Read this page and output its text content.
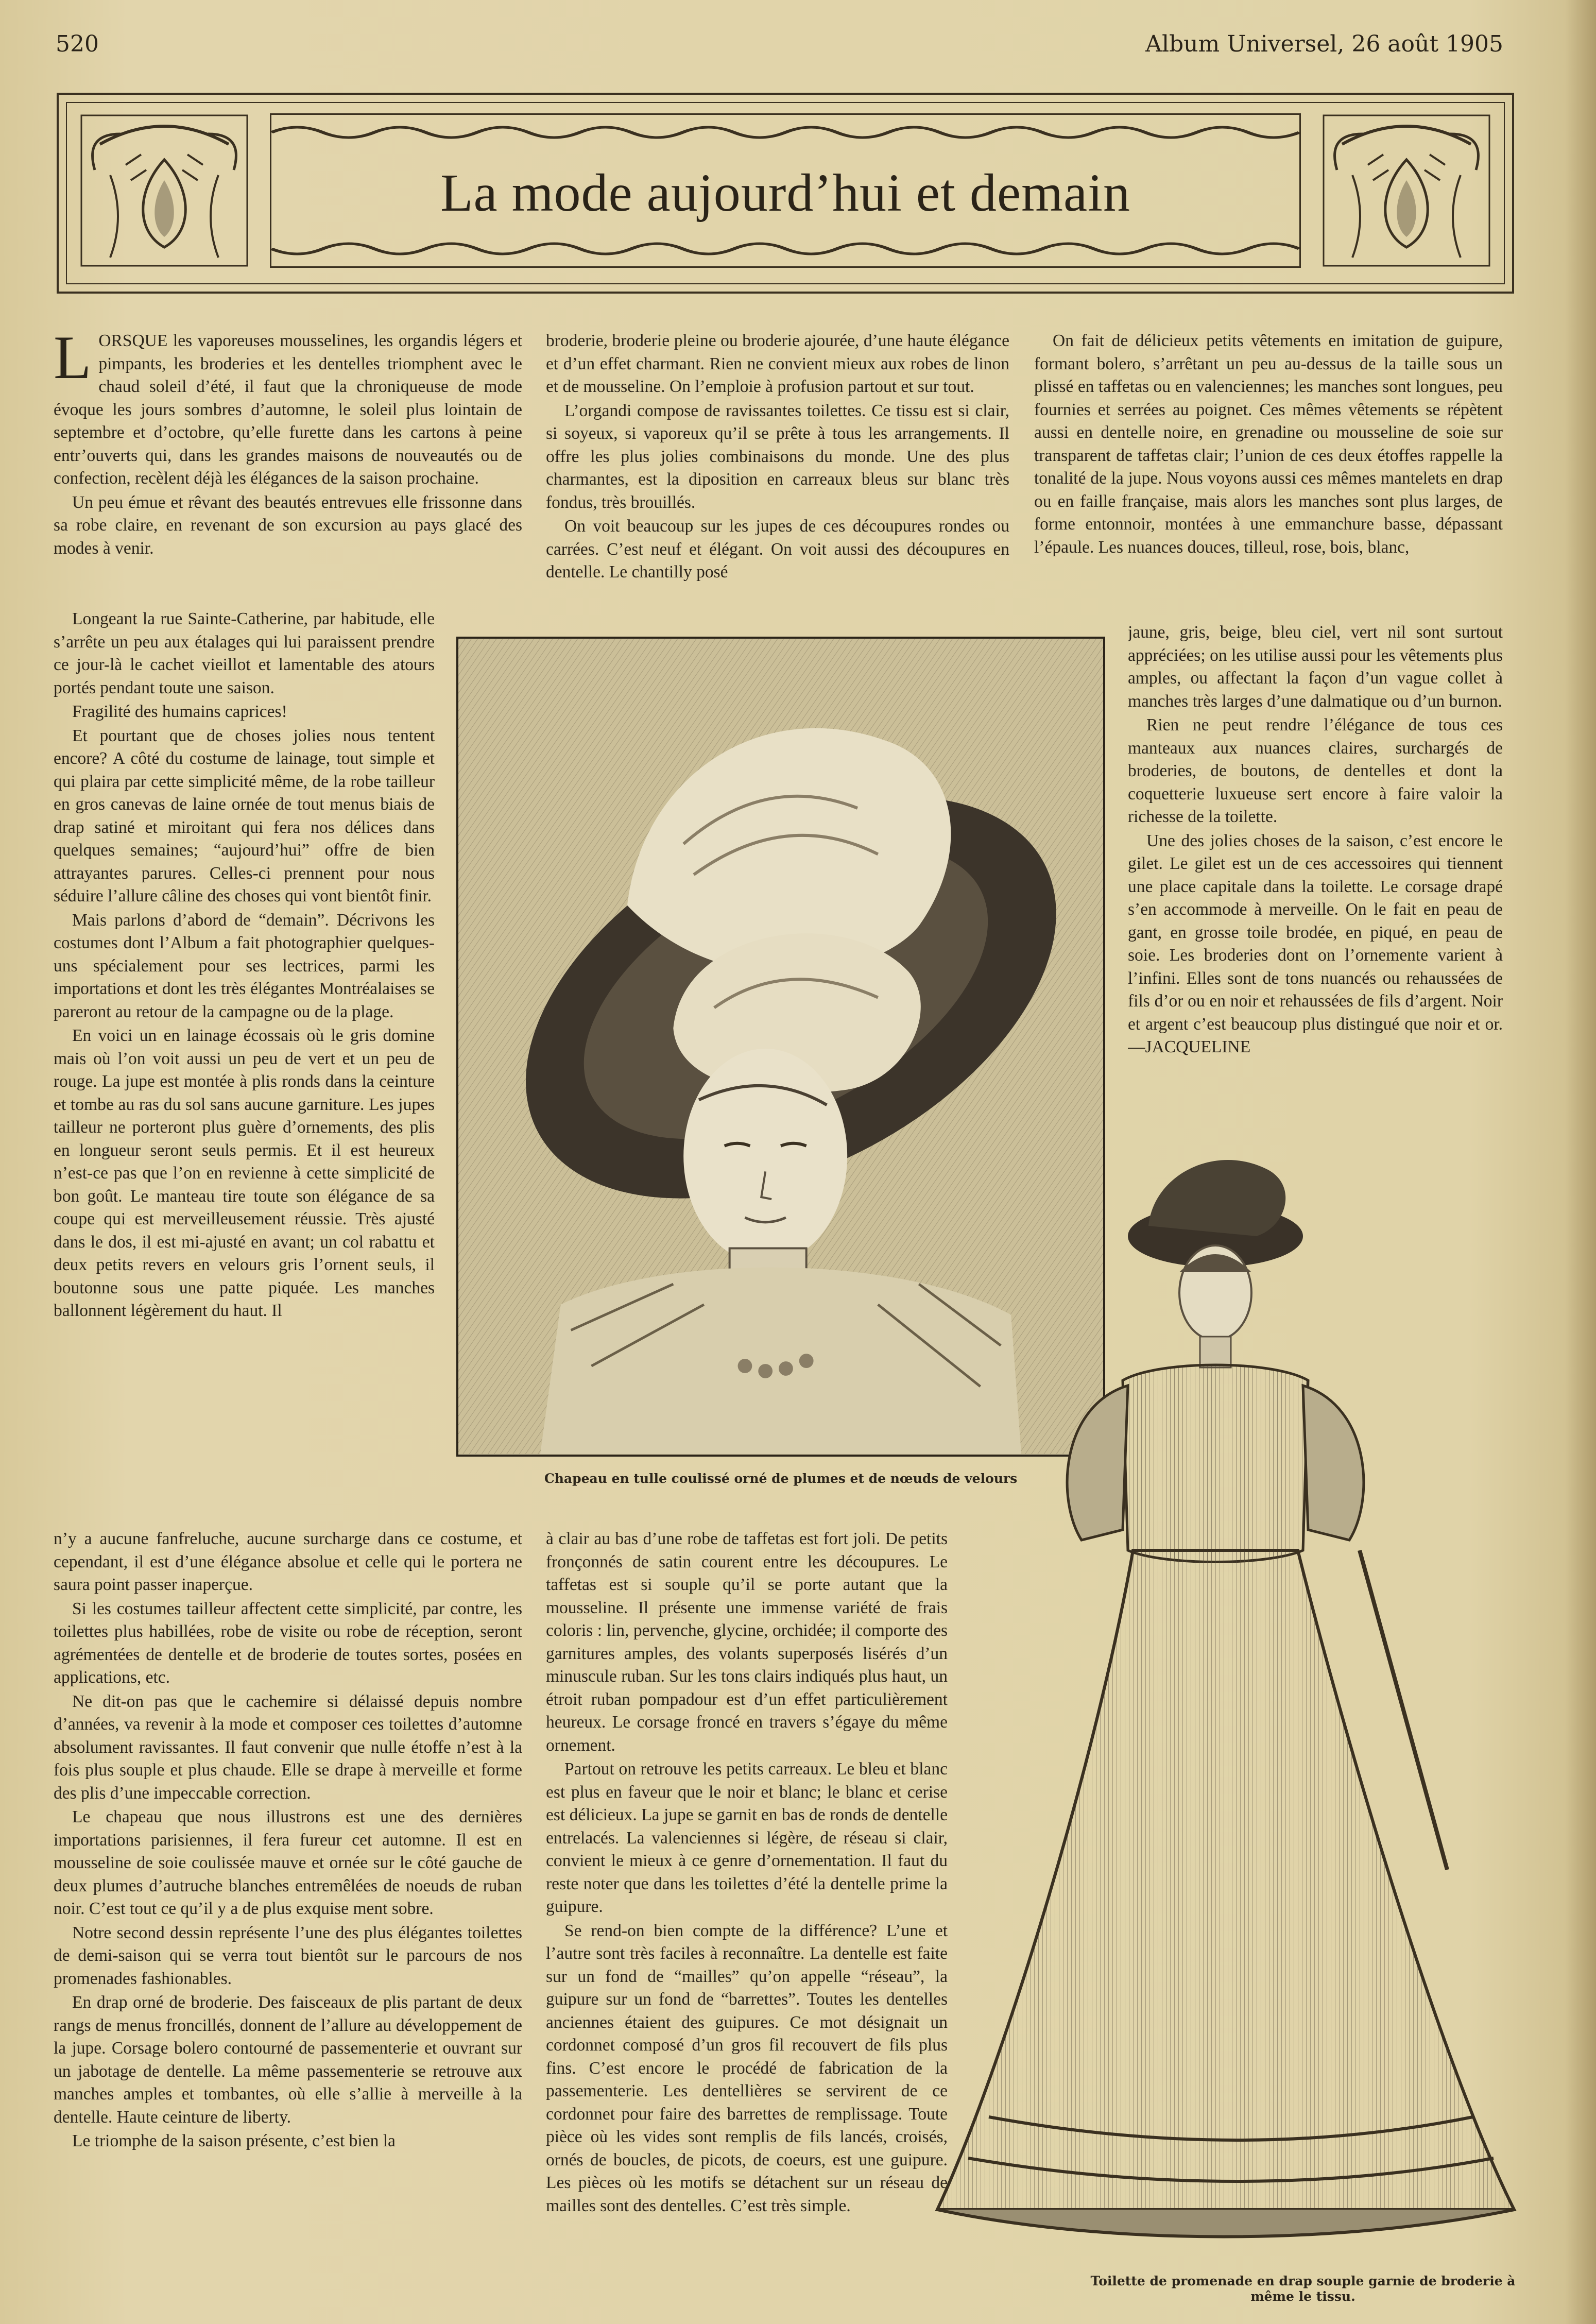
520	Album Universel, 26 août 1905
La mode aujourd’hui et demain

LORSQUE les vaporeuses mousselines, les organdis légers et pimpants, les broderies et les dentelles triomphent avec le chaud soleil d’été, il faut que la chroniqueuse de mode évoque les jours sombres d’automne, le soleil plus lointain de septembre et d’octobre, qu’elle furette dans les cartons à peine entr’ouverts qui, dans les grandes maisons de nouveautés ou de confection, recèlent déjà les élégances de la saison prochaine.

Un peu émue et rêvant des beautés entrevues elle frissonne dans sa robe claire, en revenant de son excursion au pays glacé des modes à venir.

Longeant la rue Sainte-Catherine, par habitude, elle s’arrête un peu aux étalages qui lui paraissent prendre ce jour-là le cachet vieillot et lamentable des atours portés pendant toute une saison.

Fragilité des humains caprices!

Et pourtant que de choses jolies nous tentent encore? A côté du costume de lainage, tout simple et qui plaira par cette simplicité même, de la robe tailleur en gros canevas de laine ornée de tout menus biais de drap satiné et miroitant qui fera nos délices dans quelques semaines; “aujourd’hui” offre de bien attrayantes parures. Celles-ci prennent pour nous séduire l’allure câline des choses qui vont bientôt finir.

Mais parlons d’abord de “demain”. Décrivons les costumes dont l’Album a fait photographier quelques-uns spécialement pour ses lectrices, parmi les importations et dont les très élégantes Montréalaises se pareront au retour de la campagne ou de la plage.

En voici un en lainage écossais où le gris domine mais où l’on voit aussi un peu de vert et un peu de rouge. La jupe est montée à plis ronds dans la ceinture et tombe au ras du sol sans aucune garniture. Les jupes tailleur ne porteront plus guère d’ornements, des plis en longueur seront seuls permis. Et il est heureux n’est-ce pas que l’on en revienne à cette simplicité de bon goût. Le manteau tire toute son élégance de sa coupe qui est merveilleusement réussie. Très ajusté dans le dos, il est mi-ajusté en avant; un col rabattu et deux petits revers en velours gris l’ornent seuls, il boutonne sous une patte piquée. Les manches ballonnent légèrement du haut. Il

n’y a aucune fanfreluche, aucune surcharge dans ce costume, et cependant, il est d’une élégance absolue et celle qui le portera ne saura point passer inaperçue.

Si les costumes tailleur affectent cette simplicité, par contre, les toilettes plus habillées, robe de visite ou robe de réception, seront agrémentées de dentelle et de broderie de toutes sortes, posées en applications, etc.

Ne dit-on pas que le cachemire si délaissé depuis nombre d’années, va revenir à la mode et composer ces toilettes d’automne absolument ravissantes. Il faut convenir que nulle étoffe n’est à la fois plus souple et plus chaude. Elle se drape à merveille et forme des plis d’une impeccable correction.

Le chapeau que nous illustrons est une des dernières importations parisiennes, il fera fureur cet automne. Il est en mousseline de soie coulissée mauve et ornée sur le côté gauche de deux plumes d’autruche blanches entremêlées de noeuds de ruban noir. C’est tout ce qu’il y a de plus exquise ment sobre.

Notre second dessin représente l’une des plus élégantes toilettes de demi-saison qui se verra tout bientôt sur le parcours de nos promenades fashionables.

En drap orné de broderie. Des faisceaux de plis partant de deux rangs de menus froncillés, donnent de l’allure au développement de la jupe. Corsage bolero contourné de passementerie et ouvrant sur un jabotage de dentelle. La même passementerie se retrouve aux manches amples et tombantes, où elle s’allie à merveille à la dentelle. Haute ceinture de liberty.

Le triomphe de la saison présente, c’est bien la

broderie, broderie pleine ou broderie ajourée, d’une haute élégance et d’un effet charmant. Rien ne convient mieux aux robes de linon et de mousseline. On l’emploie à profusion partout et sur tout.

L’organdi compose de ravissantes toilettes. Ce tissu est si clair, si soyeux, si vaporeux qu’il se prête à tous les arrangements. Il offre les plus jolies combinaisons du monde. Une des plus charmantes, est la diposition en carreaux bleus sur blanc très fondus, très brouillés.

On voit beaucoup sur les jupes de ces découpures rondes ou carrées. C’est neuf et élégant. On voit aussi des découpures en dentelle. Le chantilly posé

à clair au bas d’une robe de taffetas est fort joli. De petits fronçonnés de satin courent entre les découpures. Le taffetas est si souple qu’il se porte autant que la mousseline. Il présente une immense variété de frais coloris : lin, pervenche, glycine, orchidée; il comporte des garnitures amples, des volants superposés lisérés d’un minuscule ruban. Sur les tons clairs indiqués plus haut, un étroit ruban pompadour est d’un effet particulièrement heureux. Le corsage froncé en travers s’égaye du même ornement.

Partout on retrouve les petits carreaux. Le bleu et blanc est plus en faveur que le noir et blanc; le blanc et cerise est délicieux. La jupe se garnit en bas de ronds de dentelle entrelacés. La valenciennes si légère, de réseau si clair, convient le mieux à ce genre d’ornementation. Il faut du reste noter que dans les toilettes d’été la dentelle prime la guipure.

Se rend-on bien compte de la différence? L’une et l’autre sont très faciles à reconnaître. La dentelle est faite sur un fond de “mailles” qu’on appelle “réseau”, la guipure sur un fond de “barrettes”. Toutes les dentelles anciennes étaient des guipures. Ce mot désignait un cordonnet composé d’un gros fil recouvert de fils plus fins. C’est encore le procédé de fabrication de la passementerie. Les dentellières se servirent de ce cordonnet pour faire des barrettes de remplissage. Toute pièce où les vides sont remplis de fils lancés, croisés, ornés de boucles, de picots, de coeurs, est une guipure. Les pièces où les motifs se détachent sur un réseau de mailles sont des dentelles. C’est très simple.

On fait de délicieux petits vêtements en imitation de guipure, formant bolero, s’arrêtant un peu au-dessus de la taille sous un plissé en taffetas ou en valenciennes; les manches sont longues, peu fournies et serrées au poignet. Ces mêmes vêtements se répètent aussi en dentelle noire, en grenadine ou mousseline de soie sur transparent de taffetas clair; l’union de ces deux étoffes rappelle la tonalité de la jupe. Nous voyons aussi ces mêmes mantelets en drap ou en faille française, mais alors les manches sont plus larges, de forme entonnoir, montées à une emmanchure basse, dépassant l’épaule. Les nuances douces, tilleul, rose, bois, blanc,

jaune, gris, beige, bleu ciel, vert nil sont surtout appréciées; on les utilise aussi pour les vêtements plus amples, ou affectant la façon d’un vague collet à manches très larges d’une dalmatique ou d’un burnon.

Rien ne peut rendre l’élégance de tous ces manteaux aux nuances claires, surchargés de broderies, de boutons, de dentelles et dont la coquetterie luxueuse sert encore à faire valoir la richesse de la toilette.

Une des jolies choses de la saison, c’est encore le gilet. Le gilet est un de ces accessoires qui tiennent une place capitale dans la toilette. Le corsage drapé s’en accommode à merveille. On le fait en peau de gant, en grosse toile brodée, en piqué, en peau de soie. Les broderies dont on l’ornemente varient à l’infini. Elles sont de tons nuancés ou rehaussées de fils d’or ou en noir et rehaussées de fils d’argent. Noir et argent c’est beaucoup plus distingué que noir et or.—JACQUELINE

Chapeau en tulle coulissé orné de plumes et de nœuds de velours
Toilette de promenade en drap souple garnie de broderie à même le tissu.
